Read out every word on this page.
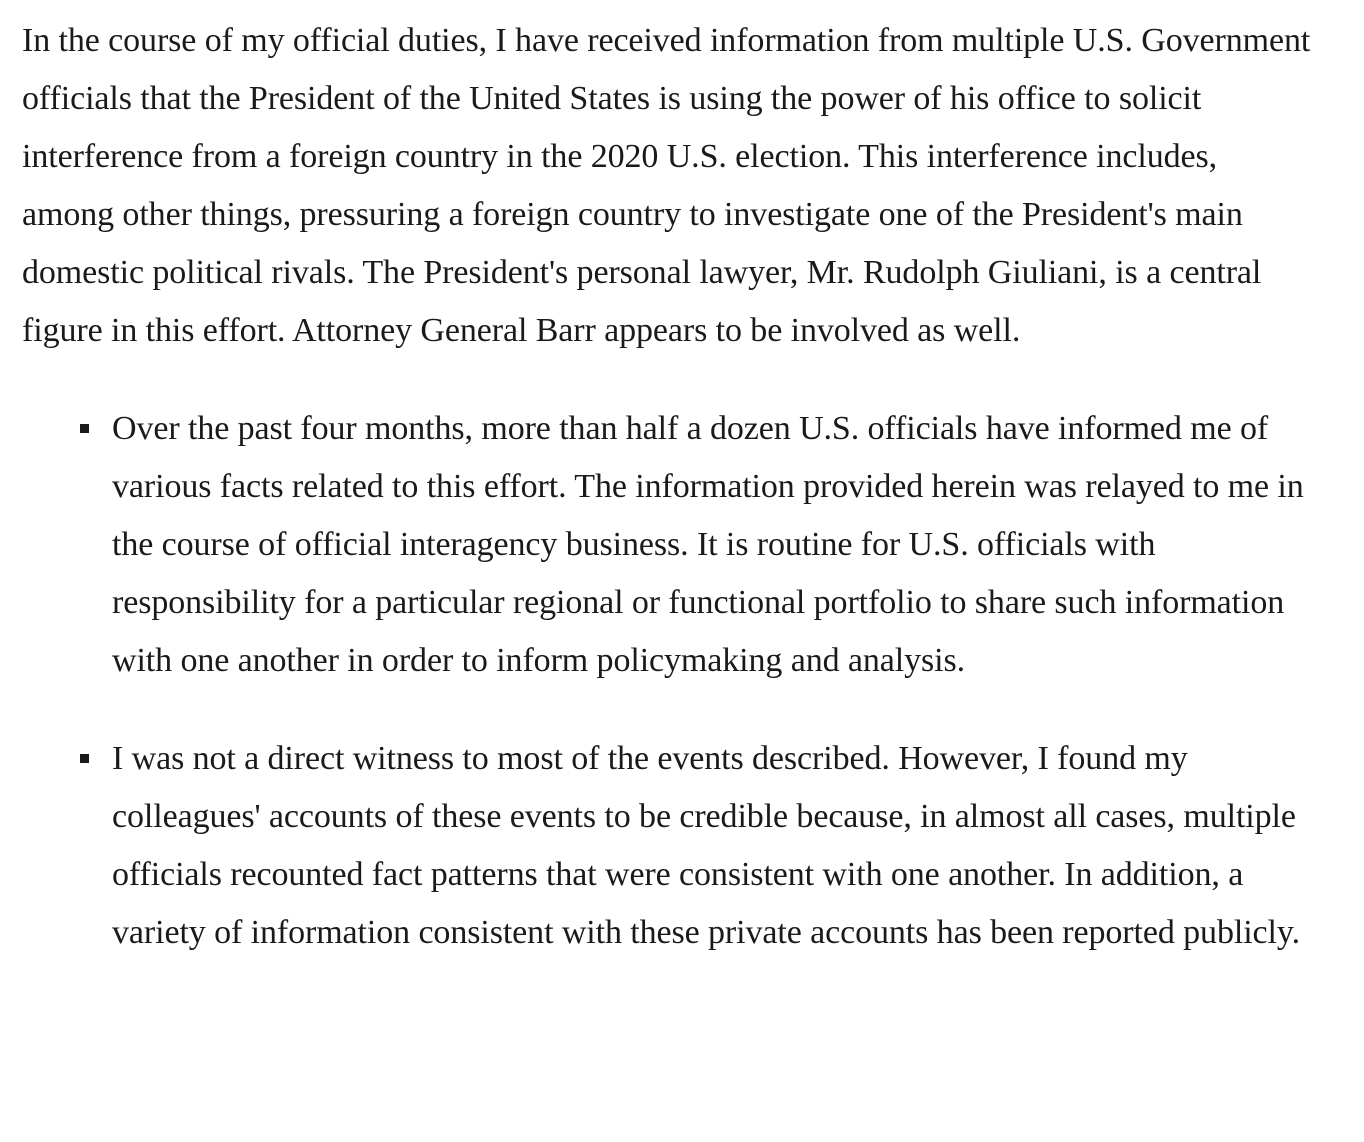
In the course of my official duties, I have received information from multiple U.S. Government officials that the President of the United States is using the power of his office to solicit interference from a foreign country in the 2020 U.S. election. This interference includes, among other things, pressuring a foreign country to investigate one of the President's main domestic political rivals. The President's personal lawyer, Mr. Rudolph Giuliani, is a central figure in this effort. Attorney General Barr appears to be involved as well.

Over the past four months, more than half a dozen U.S. officials have informed me of various facts related to this effort. The information provided herein was relayed to me in the course of official interagency business. It is routine for U.S. officials with responsibility for a particular regional or functional portfolio to share such information with one another in order to inform policymaking and analysis.
I was not a direct witness to most of the events described. However, I found my colleagues' accounts of these events to be credible because, in almost all cases, multiple officials recounted fact patterns that were consistent with one another. In addition, a variety of information consistent with these private accounts has been reported publicly.
